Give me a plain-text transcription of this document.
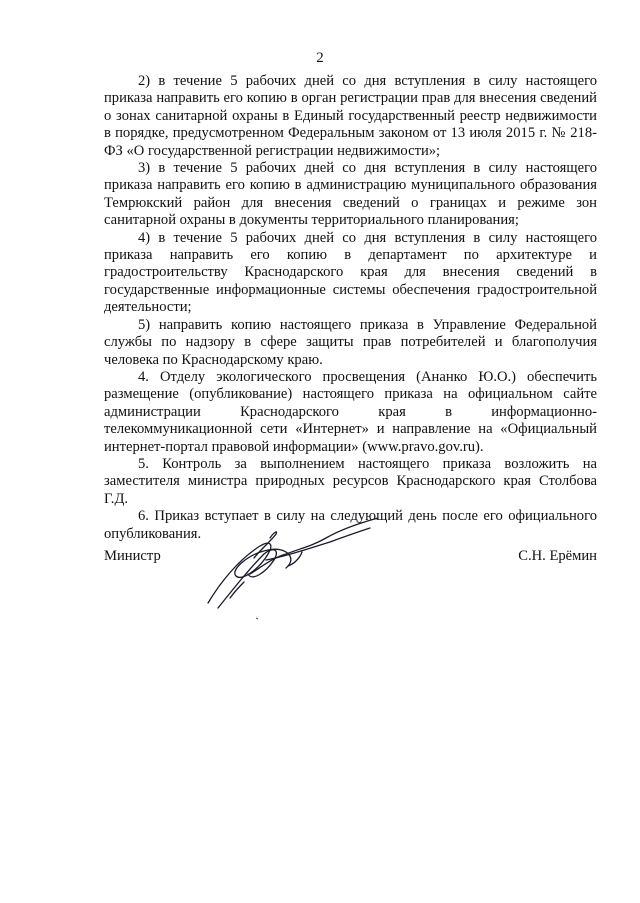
2

2) в течение 5 рабочих дней со дня вступления в силу настоящего приказа направить его копию в орган регистрации прав для внесения сведений о зонах санитарной охраны в Единый государственный реестр недвижимости в порядке, предусмотренном Федеральным законом от 13 июля 2015 г. № 218-ФЗ «О государственной регистрации недвижимости»;

3) в течение 5 рабочих дней со дня вступления в силу настоящего приказа направить его копию в администрацию муниципального образования Темрюкский район для внесения сведений о границах и режиме зон санитарной охраны в документы территориального планирования;

4) в течение 5 рабочих дней со дня вступления в силу настоящего приказа направить его копию в департамент по архитектуре и градостроительству Краснодарского края для внесения сведений в государственные информационные системы обеспечения градостроительной деятельности;

5) направить копию настоящего приказа в Управление Федеральной службы по надзору в сфере защиты прав потребителей и благополучия человека по Краснодарскому краю.

4. Отделу экологического просвещения (Ананко Ю.О.) обеспечить размещение (опубликование) настоящего приказа на официальном сайте администрации Краснодарского края в информационно-телекоммуникационной сети «Интернет» и направление на «Официальный интернет-портал правовой информации» (www.pravo.gov.ru).

5. Контроль за выполнением настоящего приказа возложить на заместителя министра природных ресурсов Краснодарского края Столбова Г.Д.

6. Приказ вступает в силу на следующий день после его официального опубликования.

Министр	С.Н. Ерёмин
